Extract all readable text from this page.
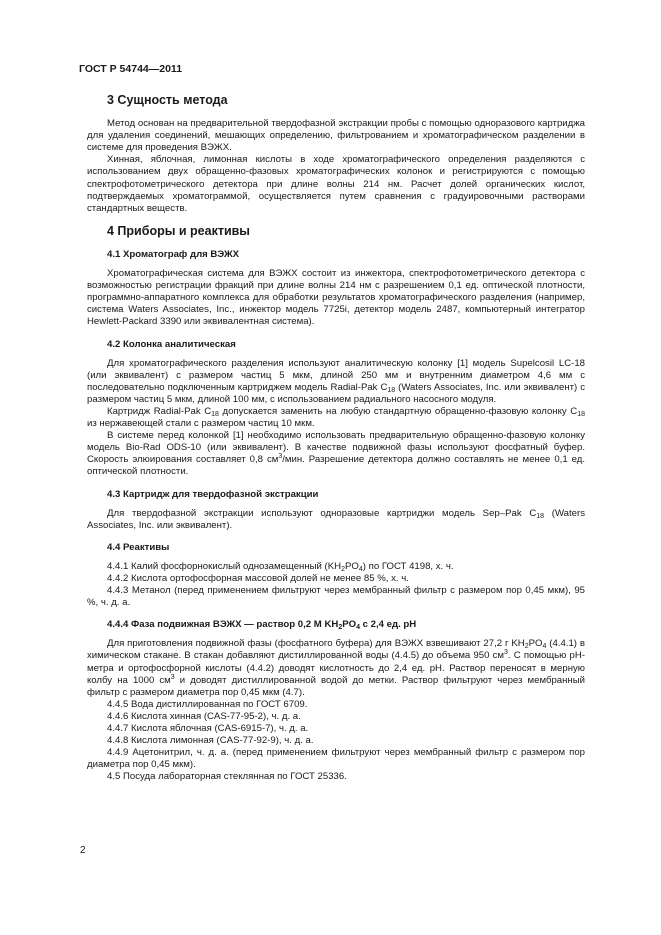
ГОСТ Р 54744—2011
3 Сущность метода

Метод основан на предварительной твердофазной экстракции пробы с помощью одноразового картриджа для удаления соединений, мешающих определению, фильтрованием и хроматографическом разделении в системе для проведения ВЭЖХ.

Хинная, яблочная, лимонная кислоты в ходе хроматографического определения разделяются с использованием двух обращенно-фазовых хроматографических колонок и регистрируются с помощью спектрофотометрического детектора при длине волны 214 нм. Расчет долей органических кислот, подтверждаемых хроматограммой, осуществляется путем сравнения с градуировочными растворами стандартных веществ.

4 Приборы и реактивы
4.1 Хроматограф для ВЭЖХ

Хроматографическая система для ВЭЖХ состоит из инжектора, спектрофотометрического детектора с возможностью регистрации фракций при длине волны 214 нм с разрешением 0,1 ед. оптической плотности, программно-аппаратного комплекса для обработки результатов хроматографического разделения (например, система Waters Associates, Inc., инжектор модель 7725i, детектор модель 2487, компьютерный интегратор Hewlett-Packard 3390 или эквивалентная система).

4.2 Колонка аналитическая

Для хроматографического разделения используют аналитическую колонку [1] модель Supelcosil LC-18 (или эквивалент) с размером частиц 5 мкм, длиной 250 мм и внутренним диаметром 4,6 мм с последовательно подключенным картриджем модель Radial-Pak $C_{18}$ (Waters Associates, Inc. или эквивалент) с размером частиц 5 мкм, длиной 100 мм, с использованием радиального насосного модуля.

Картридж Radial-Pak $C_{18}$ допускается заменить на любую стандартную обращенно-фазовую колонку $C_{18}$ из нержавеющей стали с размером частиц 10 мкм.

В системе перед колонкой [1] необходимо использовать предварительную обращенно-фазовую колонку модель Bio-Rad ODS-10 (или эквивалент). В качестве подвижной фазы используют фосфатный буфер. Скорость элюирования составляет 0,8 $см^3$/мин. Разрешение детектора должно составлять не менее 0,1 ед. оптической плотности.

4.3 Картридж для твердофазной экстракции

Для твердофазной экстракции используют одноразовые картриджи модель Sep–Pak $C_{18}$ (Waters Associates, Inc. или эквивалент).

4.4 Реактивы

4.4.1 Калий фосфорнокислый однозамещенный $(KH_2PO_4)$ по ГОСТ 4198, х. ч.

4.4.2 Кислота ортофосфорная массовой долей не менее 85 %, х. ч.

4.4.3 Метанол (перед применением фильтруют через мембранный фильтр с размером пор 0,45 мкм), 95 %, ч. д. а.

4.4.4 Фаза подвижная ВЭЖХ — раствор 0,2 М $KH_2PO_4$ с 2,4 ед. pH

Для приготовления подвижной фазы (фосфатного буфера) для ВЭЖХ взвешивают 27,2 г $KH_2PO_4$ (4.4.1) в химическом стакане. В стакан добавляют дистиллированной воды (4.4.5) до объема 950 $см^3$. С помощью pH-метра и ортофосфорной кислоты (4.4.2) доводят кислотность до 2,4 ед. pH. Раствор переносят в мерную колбу на 1000 $см^3$ и доводят дистиллированной водой до метки. Раствор фильтруют через мембранный фильтр с размером диаметра пор 0,45 мкм (4.7).

4.4.5 Вода дистиллированная по ГОСТ 6709.

4.4.6 Кислота хинная (CAS-77-95-2), ч. д. а.

4.4.7 Кислота яблочная (CAS-6915-7), ч. д. а.

4.4.8 Кислота лимонная (CAS-77-92-9), ч. д. а.

4.4.9 Ацетонитрил, ч. д. а. (перед применением фильтруют через мембранный фильтр с размером пор диаметра пор 0,45 мкм).

4.5 Посуда лабораторная стеклянная по ГОСТ 25336.

2
